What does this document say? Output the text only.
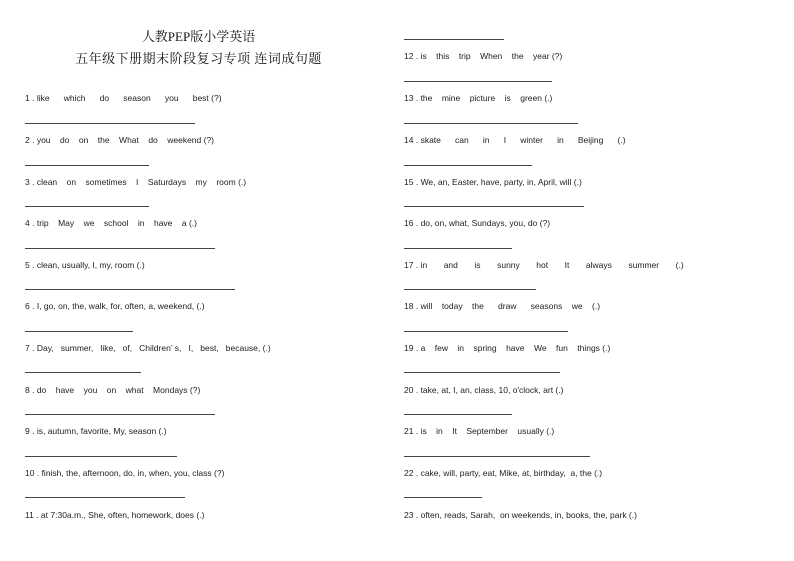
人教PEP版小学英语
五年级下册期末阶段复习专项 连词成句题
1 . like      which      do      season      you      best (?)
2 . you    do    on    the    What    do    weekend (?)
3 . clean    on    sometimes    I    Saturdays    my    room (.)
4 . trip    May    we    school    in    have    a (.)
5 . clean, usually, I, my, room (.)
6 . I, go, on, the, walk, for, often, a, weekend, (.)
7 . Day,   summer,   like,   of,   Children’ s,   I,   best,   because, (.)
8 . do    have    you    on    what    Mondays (?)
9 . is, autumn, favorite, My, season (.)
10 . finish, the, afternoon, do, in, when, you, class (?)
11 . at 7:30a.m., She, often, homework, does (.)
12 . is    this    trip    When    the    year (?)
13 . the    mine    picture    is    green (.)
14 . skate      can      in      I      winter      in      Beijing      (.)
15 . We, an, Easter, have, party, in, April, will (.)
16 . do, on, what, Sundays, you, do (?)
17 . in       and       is       sunny       hot       It       always       summer       (.)
18 . will    today    the      draw      seasons    we    (.)
19 . a    few    in    spring    have    We    fun    things (.)
20 . take, at, I, an, class, 10, o'clock, art (.)
21 . is    in    It    September    usually (.)
22 . cake, will, party, eat, Mike, at, birthday,  a, the (.)
23 . often, reads, Sarah,  on weekends, in, books, the, park (.)
